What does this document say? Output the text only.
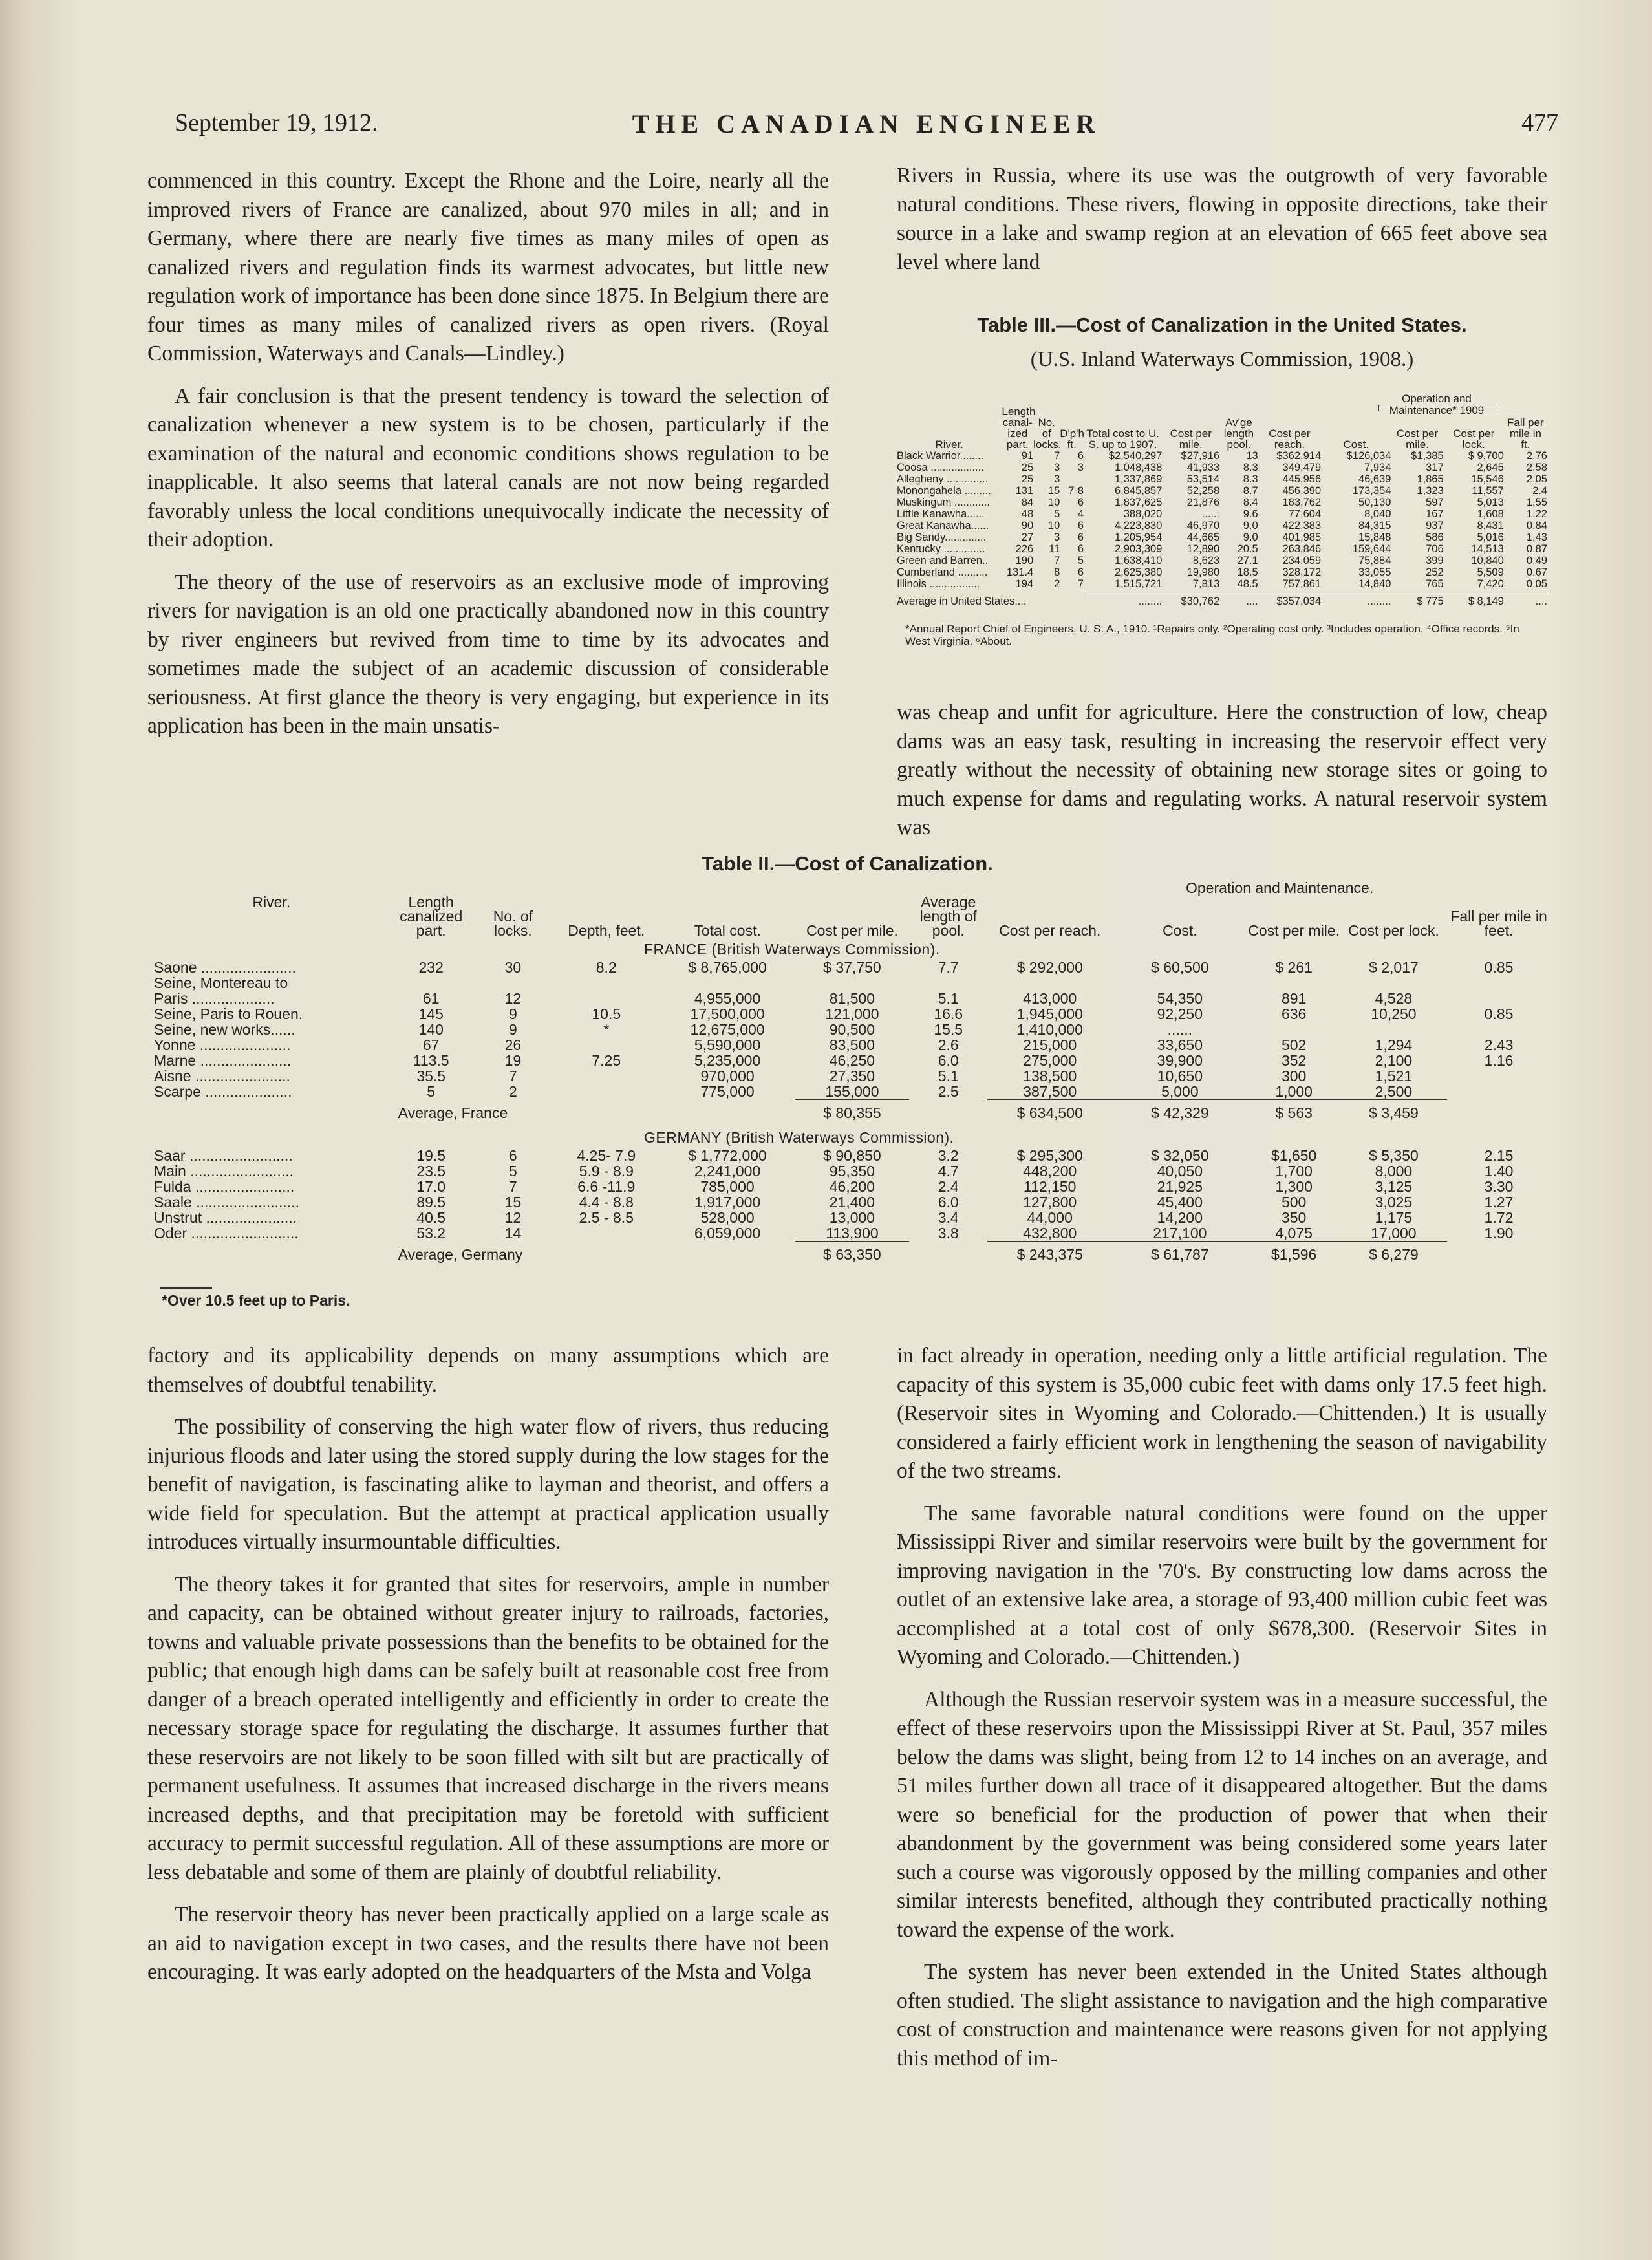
September 19, 1912.	THE CANADIAN ENGINEER	477

commenced in this country. Except the Rhone and the Loire, nearly all the improved rivers of France are canalized, about 970 miles in all; and in Germany, where there are nearly five times as many miles of open as canalized rivers and regulation finds its warmest advocates, but little new regulation work of importance has been done since 1875. In Belgium there are four times as many miles of canalized rivers as open rivers. (Royal Commission, Waterways and Canals—Lindley.)

A fair conclusion is that the present tendency is toward the selection of canalization whenever a new system is to be chosen, particularly if the examination of the natural and economic conditions shows regulation to be inapplicable. It also seems that lateral canals are not now being regarded favorably unless the local conditions unequivocally indicate the necessity of their adoption.

The theory of the use of reservoirs as an exclusive mode of improving rivers for navigation is an old one practically abandoned now in this country by river engineers but revived from time to time by its advocates and sometimes made the subject of an academic discussion of considerable seriousness. At first glance the theory is very engaging, but experience in its application has been in the main unsatis-

Rivers in Russia, where its use was the outgrowth of very favorable natural conditions. These rivers, flowing in opposite directions, take their source in a lake and swamp region at an elevation of 665 feet above sea level where land

Table III.—Cost of Canalization in the United States.
(U.S. Inland Waterways Commission, 1908.)
Operation and Maintenance* 1909
River.	Length canal-ized part.	No. of locks.	D'p'h ft.	Total cost to U. S. up to 1907.	Cost per mile.	Av'ge length pool.	Cost per reach.	Cost.	Cost per mile.	Cost per lock.	Fall per mile in ft.
Black Warrior........	91	7	6	$2,540,297	$27,916	13	$362,914	$126,034	$1,385	$ 9,700	2.76
Coosa ..................	25	3	3	1,048,438	41,933	8.3	349,479	7,934	317	2,645	2.58
Allegheny ..............	25	3		1,337,869	53,514	8.3	445,956	46,639	1,865	15,546	2.05
Monongahela .........	131	15	7-8	6,845,857	52,258	8.7	456,390	173,354	1,323	11,557	2.4
Muskingum ............	84	10	6	1,837,625	21,876	8.4	183,762	50,130	597	5,013	1.55
Little Kanawha......	48	5	4	388,020	......	9.6	77,604	8,040	167	1,608	1.22
Great Kanawha......	90	10	6	4,223,830	46,970	9.0	422,383	84,315	937	8,431	0.84
Big Sandy..............	27	3	6	1,205,954	44,665	9.0	401,985	15,848	586	5,016	1.43
Kentucky ..............	226	11	6	2,903,309	12,890	20.5	263,846	159,644	706	14,513	0.87
Green and Barren..	190	7	5	1,638,410	8,623	27.1	234,059	75,884	399	10,840	0.49
Cumberland ..........	131.4	8	6	2,625,380	19,980	18.5	328,172	33,055	252	5,509	0.67
Illinois .................	194	2	7	1,515,721	7,813	48.5	757,861	14,840	765	7,420	0.05
Average in United States....				........	$30,762	....	$357,034	........	$ 775	$ 8,149	....
*Annual Report Chief of Engineers, U. S. A., 1910. ¹Repairs only. ²Operating cost only. ³Includes operation. ⁴Office records. ⁵In West Virginia. ⁶About.

was cheap and unfit for agriculture. Here the construction of low, cheap dams was an easy task, resulting in increasing the reservoir effect very greatly without the necessity of obtaining new storage sites or going to much expense for dams and regulating works. A natural reservoir system was

Table II.—Cost of Canalization.
								Operation and Maintenance.			
River.	Length canalized part.	No. of locks.	Depth, feet.	Total cost.	Cost per mile.	Average length of pool.	Cost per reach.	Cost.	Cost per mile.	Cost per lock.	Fall per mile in feet.
FRANCE (British Waterways Commission).											
Saone .......................	232	30	8.2	$ 8,765,000	$ 37,750	7.7	$ 292,000	$ 60,500	$ 261	$ 2,017	0.85
Seine, Montereau to											
Paris ....................	61	12		4,955,000	81,500	5.1	413,000	54,350	891	4,528	
Seine, Paris to Rouen.	145	9	10.5	17,500,000	121,000	16.6	1,945,000	92,250	636	10,250	0.85
Seine, new works......	140	9	*	12,675,000	90,500	15.5	1,410,000	......			
Yonne ......................	67	26		5,590,000	83,500	2.6	215,000	33,650	502	1,294	2.43
Marne ......................	113.5	19	7.25	5,235,000	46,250	6.0	275,000	39,900	352	2,100	1.16
Aisne .......................	35.5	7		970,000	27,350	5.1	138,500	10,650	300	1,521	
Scarpe .....................	5	2		775,000	155,000	2.5	387,500	5,000	1,000	2,500	
	Average, France				$ 80,355		$ 634,500	$ 42,329	$ 563	$ 3,459	
GERMANY (British Waterways Commission).											
Saar .........................	19.5	6	4.25- 7.9	$ 1,772,000	$ 90,850	3.2	$ 295,300	$ 32,050	$1,650	$ 5,350	2.15
Main .........................	23.5	5	5.9 - 8.9	2,241,000	95,350	4.7	448,200	40,050	1,700	8,000	1.40
Fulda ........................	17.0	7	6.6 -11.9	785,000	46,200	2.4	112,150	21,925	1,300	3,125	3.30
Saale .........................	89.5	15	4.4 - 8.8	1,917,000	21,400	6.0	127,800	45,400	500	3,025	1.27
Unstrut ......................	40.5	12	2.5 - 8.5	528,000	13,000	3.4	44,000	14,200	350	1,175	1.72
Oder ..........................	53.2	14		6,059,000	113,900	3.8	432,800	217,100	4,075	17,000	1.90
	Average, Germany				$ 63,350		$ 243,375	$ 61,787	$1,596	$ 6,279	
*Over 10.5 feet up to Paris.

factory and its applicability depends on many assumptions which are themselves of doubtful tenability.

The possibility of conserving the high water flow of rivers, thus reducing injurious floods and later using the stored supply during the low stages for the benefit of navigation, is fascinating alike to layman and theorist, and offers a wide field for speculation. But the attempt at practical application usually introduces virtually insurmountable difficulties.

The theory takes it for granted that sites for reservoirs, ample in number and capacity, can be obtained without greater injury to railroads, factories, towns and valuable private possessions than the benefits to be obtained for the public; that enough high dams can be safely built at reasonable cost free from danger of a breach operated intelligently and efficiently in order to create the necessary storage space for regulating the discharge. It assumes further that these reservoirs are not likely to be soon filled with silt but are practically of permanent usefulness. It assumes that increased discharge in the rivers means increased depths, and that precipitation may be foretold with sufficient accuracy to permit successful regulation. All of these assumptions are more or less debatable and some of them are plainly of doubtful reliability.

The reservoir theory has never been practically applied on a large scale as an aid to navigation except in two cases, and the results there have not been encouraging. It was early adopted on the headquarters of the Msta and Volga

in fact already in operation, needing only a little artificial regulation. The capacity of this system is 35,000 cubic feet with dams only 17.5 feet high. (Reservoir sites in Wyoming and Colorado.—Chittenden.) It is usually considered a fairly efficient work in lengthening the season of navigability of the two streams.

The same favorable natural conditions were found on the upper Mississippi River and similar reservoirs were built by the government for improving navigation in the '70's. By constructing low dams across the outlet of an extensive lake area, a storage of 93,400 million cubic feet was accomplished at a total cost of only $678,300. (Reservoir Sites in Wyoming and Colorado.—Chittenden.)

Although the Russian reservoir system was in a measure successful, the effect of these reservoirs upon the Mississippi River at St. Paul, 357 miles below the dams was slight, being from 12 to 14 inches on an average, and 51 miles further down all trace of it disappeared altogether. But the dams were so beneficial for the production of power that when their abandonment by the government was being considered some years later such a course was vigorously opposed by the milling companies and other similar interests benefited, although they contributed practically nothing toward the expense of the work.

The system has never been extended in the United States although often studied. The slight assistance to navigation and the high comparative cost of construction and maintenance were reasons given for not applying this method of im-
